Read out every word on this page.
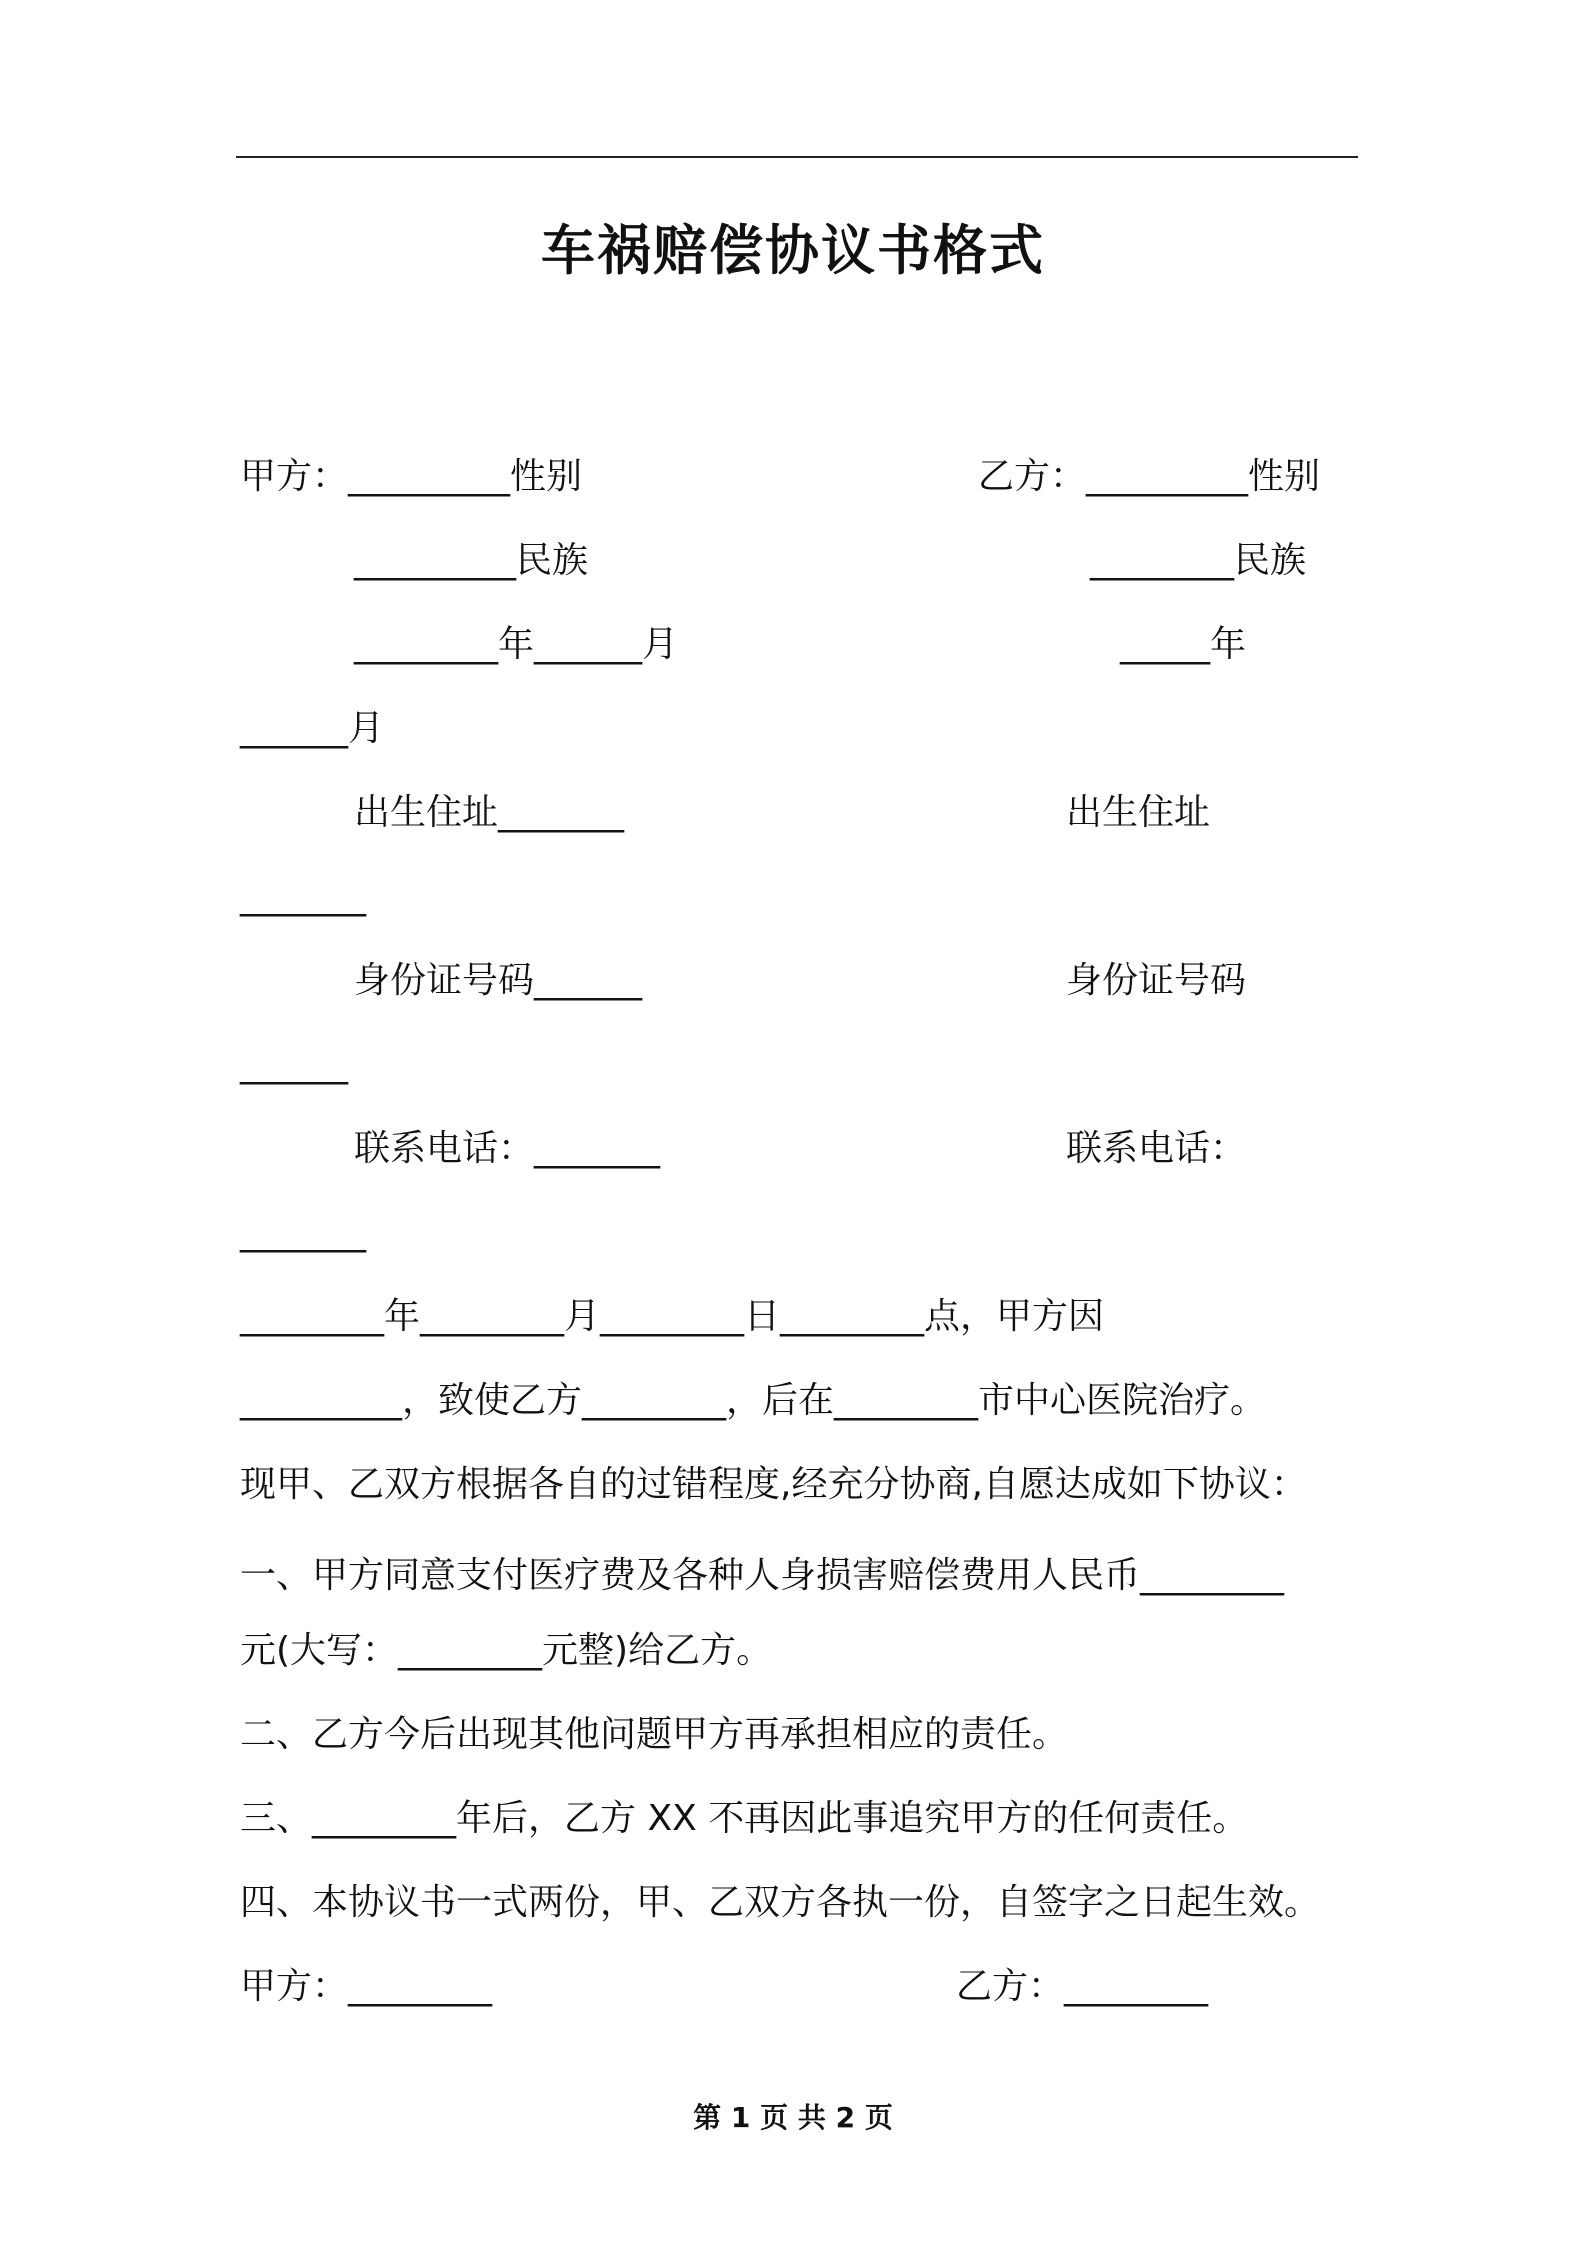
车祸赔偿协议书格式
甲方：_________性别
_________民族
________年______月
______月
出生住址_______
_______
身份证号码______
______
联系电话：_______
_______
乙方：_________性别
________民族
_____年
出生住址
身份证号码
联系电话：
________年________月________日________点，甲方因
_________，致使乙方________，后在________市中心医院治疗。
现甲、乙双方根据各自的过错程度,经充分协商,自愿达成如下协议：
一、甲方同意支付医疗费及各种人身损害赔偿费用人民币________
元(大写：________元整)给乙方。
二、乙方今后出现其他问题甲方再承担相应的责任。
三、________年后，乙方 XX 不再因此事追究甲方的任何责任。
四、本协议书一式两份，甲、乙双方各执一份，自签字之日起生效。
甲方：________	乙方：________
第 1 页 共 2 页
